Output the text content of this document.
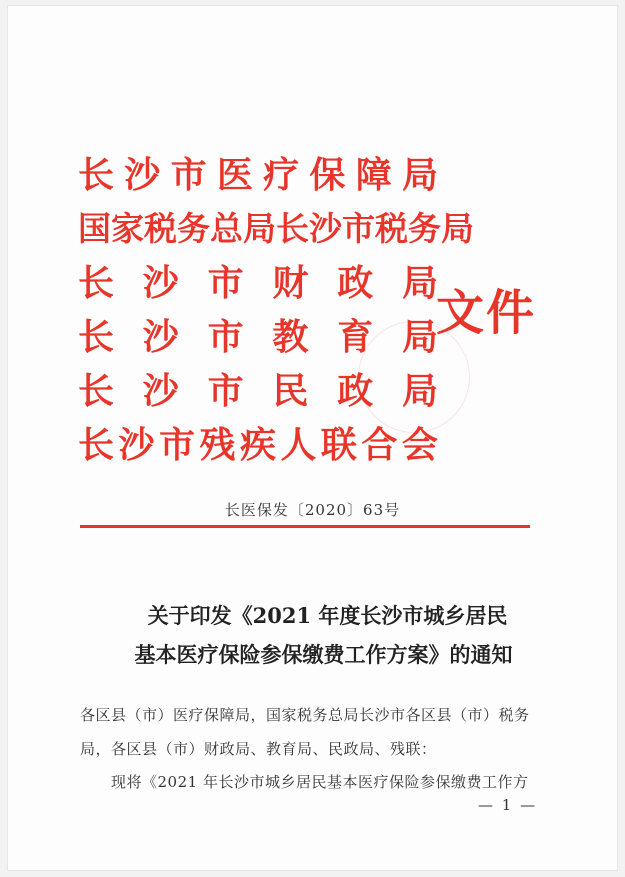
长 沙 市 医 疗 保 障 局
国 家 税 务 总 局 长 沙 市 税 务 局
长 沙 市 财 政 局
长 沙 市 教 育 局
长 沙 市 民 政 局
长 沙 市 残 疾 人 联 合 会
文件
长医保发〔2020〕63号
关于印发《2021 年度长沙市城乡居民
基本医疗保险参保缴费工作方案》的通知
各区县（市）医疗保障局，国家税务总局长沙市各区县（市）税务
局，各区县（市）财政局、教育局、民政局、残联：
现将《2021 年长沙市城乡居民基本医疗保险参保缴费工作方
— 1 —
